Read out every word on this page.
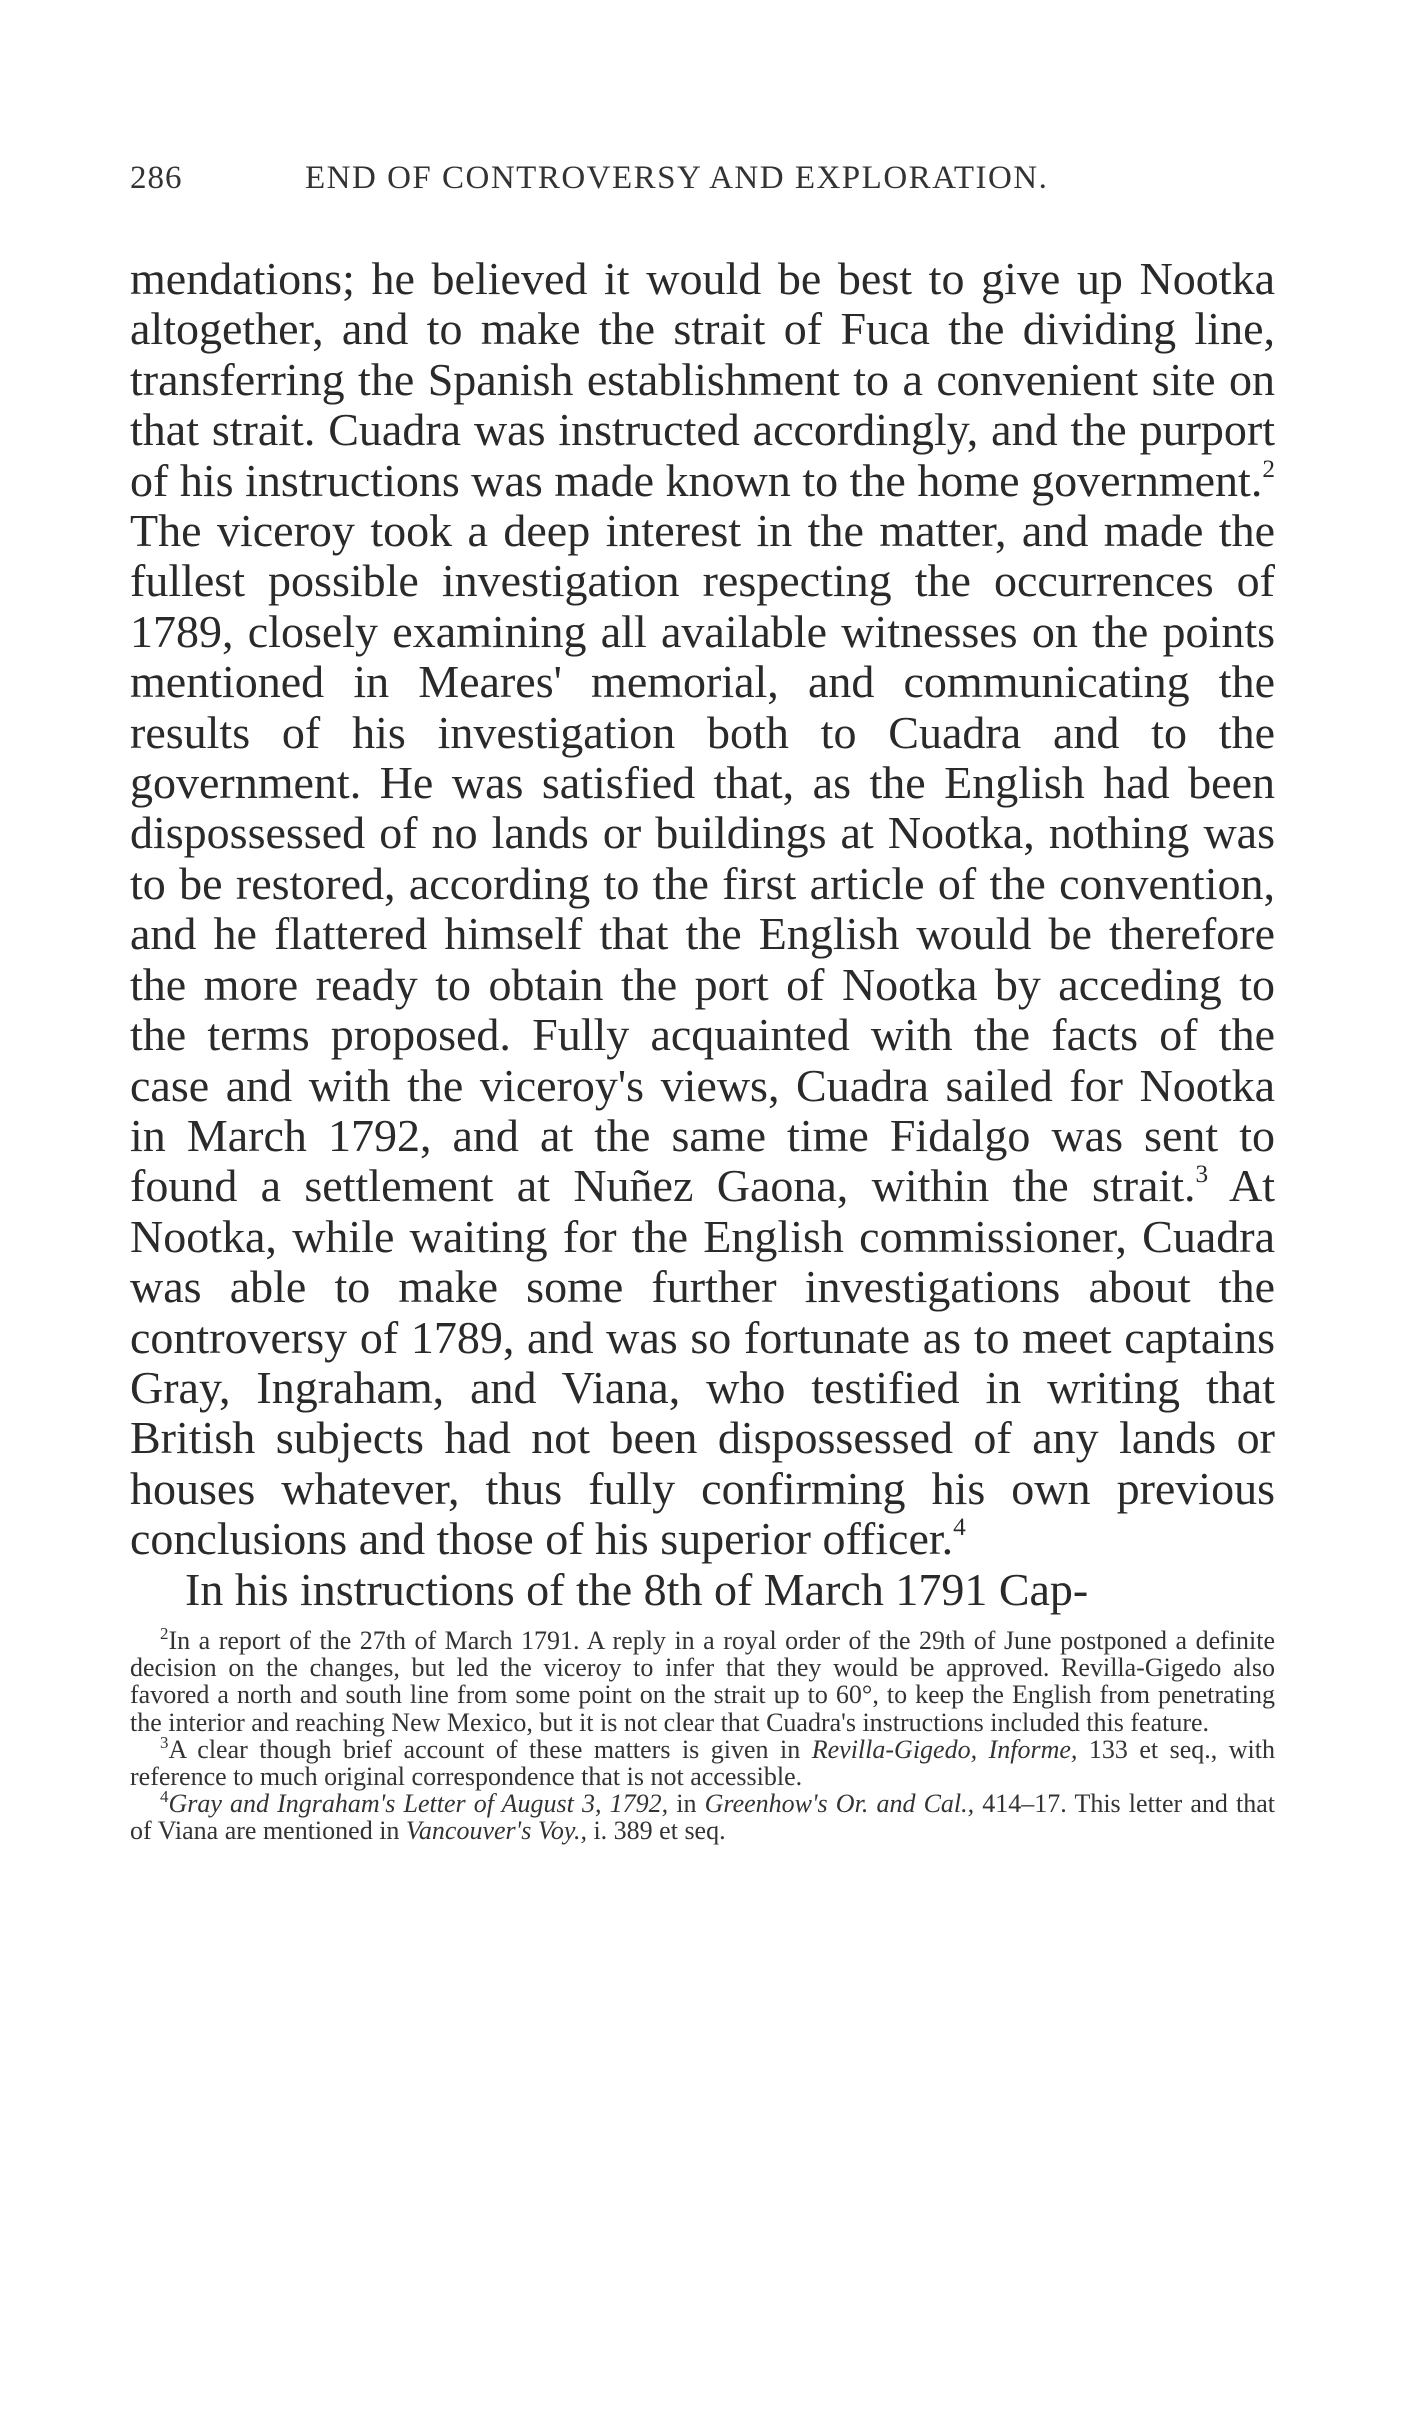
286	END OF CONTROVERSY AND EXPLORATION.

mendations; he believed it would be best to give up Nootka altogether, and to make the strait of Fuca the dividing line, transferring the Spanish establishment to a convenient site on that strait. Cuadra was instructed accordingly, and the purport of his instructions was made known to the home government.$^2$ The viceroy took a deep interest in the matter, and made the fullest possible investigation respecting the occurrences of 1789, closely examining all available witnesses on the points mentioned in Meares' memorial, and communicating the results of his investigation both to Cuadra and to the government. He was satisfied that, as the English had been dispossessed of no lands or buildings at Nootka, nothing was to be restored, according to the first article of the convention, and he flattered himself that the English would be therefore the more ready to obtain the port of Nootka by acceding to the terms proposed. Fully acquainted with the facts of the case and with the viceroy's views, Cuadra sailed for Nootka in March 1792, and at the same time Fidalgo was sent to found a settlement at Nuñez Gaona, within the strait.$^3$ At Nootka, while waiting for the English commissioner, Cuadra was able to make some further investigations about the controversy of 1789, and was so fortunate as to meet captains Gray, Ingraham, and Viana, who testified in writing that British subjects had not been dispossessed of any lands or houses whatever, thus fully confirming his own previous conclusions and those of his superior officer.$^4$

In his instructions of the 8th of March 1791 Cap-

$^2$In a report of the 27th of March 1791. A reply in a royal order of the 29th of June postponed a definite decision on the changes, but led the viceroy to infer that they would be approved. Revilla-Gigedo also favored a north and south line from some point on the strait up to 60°, to keep the English from penetrating the interior and reaching New Mexico, but it is not clear that Cuadra's instructions included this feature.

$^3$A clear though brief account of these matters is given in Revilla-Gigedo, Informe, 133 et seq., with reference to much original correspondence that is not accessible.

$^4$Gray and Ingraham's Letter of August 3, 1792, in Greenhow's Or. and Cal., 414–17. This letter and that of Viana are mentioned in Vancouver's Voy., i. 389 et seq.
